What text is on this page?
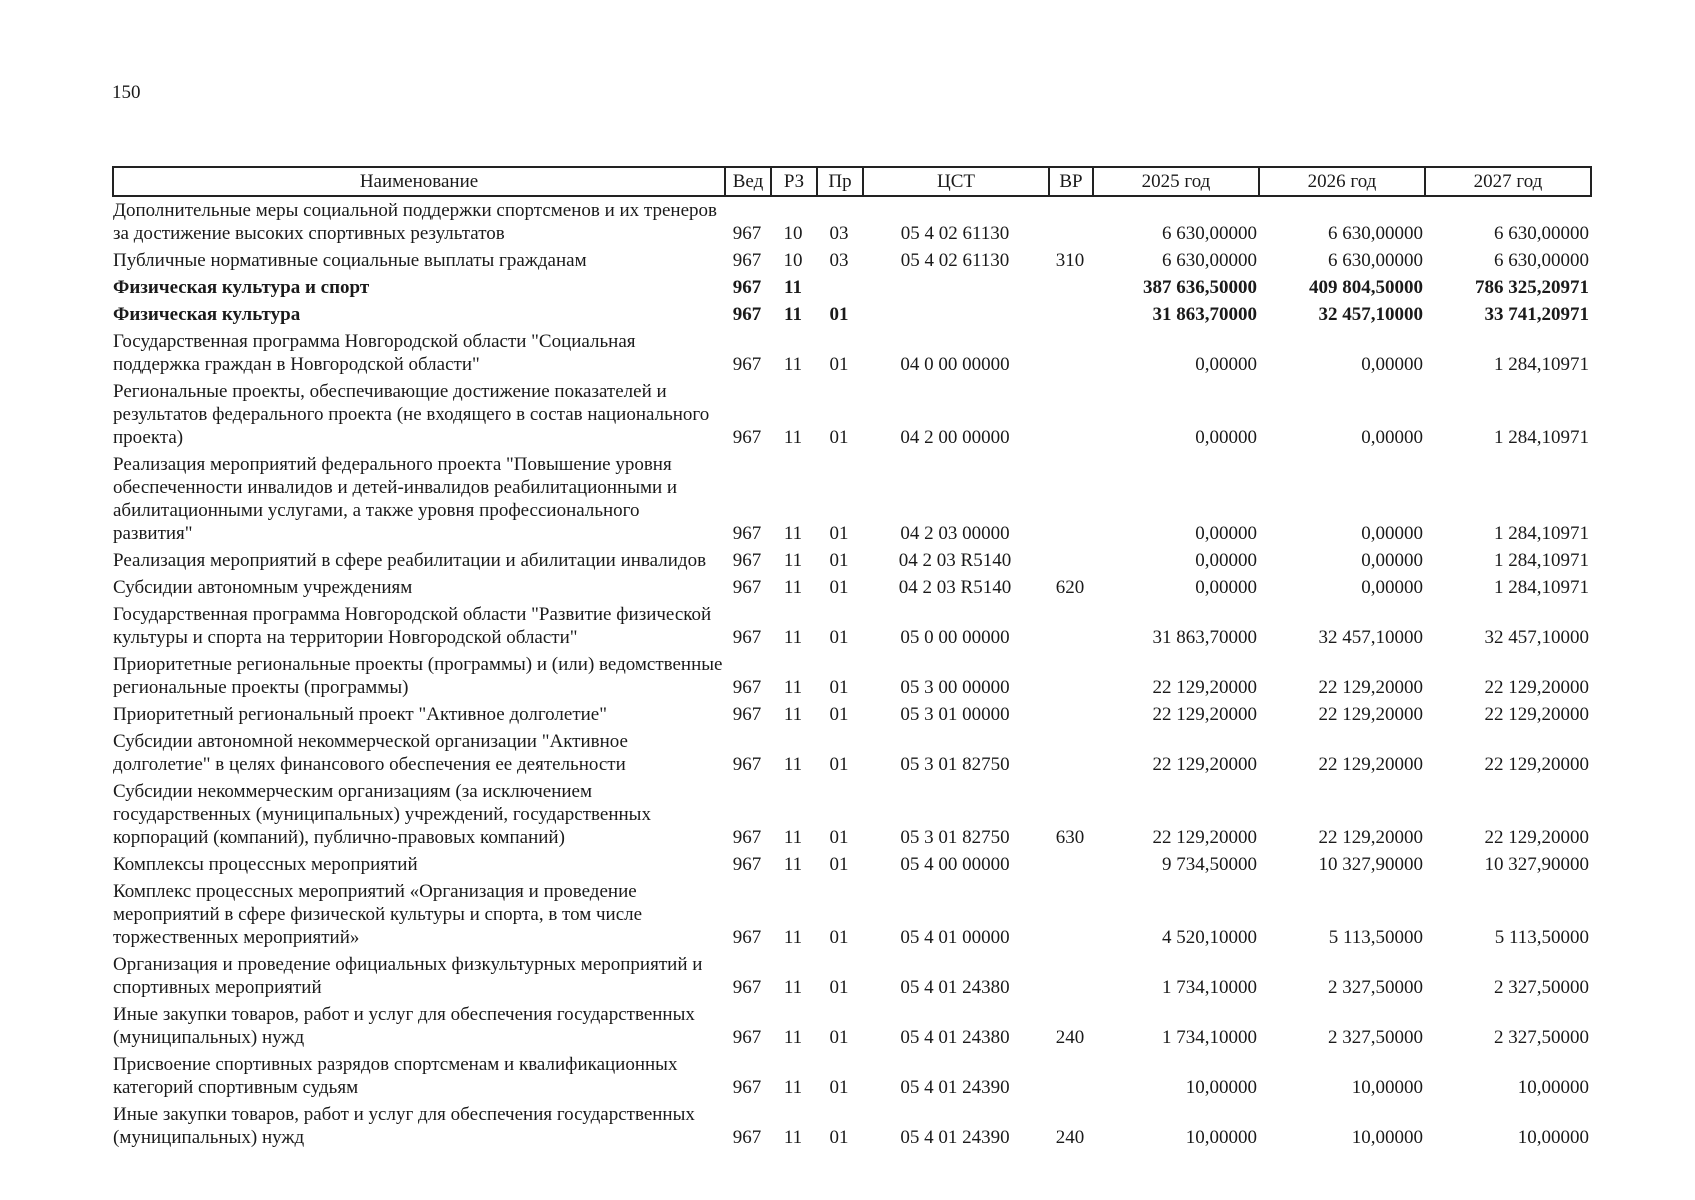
150
Наименование	Вед	РЗ	Пр	ЦСТ	ВР	2025 год	2026 год	2027 год
Дополнительные меры социальной поддержки спортсменов и их тренеров за достижение высоких спортивных результатов	967	10	03	05 4 02 61130		6 630,00000	6 630,00000	6 630,00000
Публичные нормативные социальные выплаты гражданам	967	10	03	05 4 02 61130	310	6 630,00000	6 630,00000	6 630,00000
Физическая культура и спорт	967	11				387 636,50000	409 804,50000	786 325,20971
Физическая культура	967	11	01			31 863,70000	32 457,10000	33 741,20971
Государственная программа Новгородской области "Социальная поддержка граждан в Новгородской области"	967	11	01	04 0 00 00000		0,00000	0,00000	1 284,10971
Региональные проекты, обеспечивающие достижение показателей и результатов федерального проекта (не входящего в состав национального проекта)	967	11	01	04 2 00 00000		0,00000	0,00000	1 284,10971
Реализация мероприятий федерального проекта "Повышение уровня обеспеченности инвалидов и детей-инвалидов реабилитационными и абилитационными услугами, а также уровня профессионального развития"	967	11	01	04 2 03 00000		0,00000	0,00000	1 284,10971
Реализация мероприятий в сфере реабилитации и абилитации инвалидов	967	11	01	04 2 03 R5140		0,00000	0,00000	1 284,10971
Субсидии автономным учреждениям	967	11	01	04 2 03 R5140	620	0,00000	0,00000	1 284,10971
Государственная программа Новгородской области "Развитие физической культуры и спорта на территории Новгородской области"	967	11	01	05 0 00 00000		31 863,70000	32 457,10000	32 457,10000
Приоритетные региональные проекты (программы) и (или) ведомственные региональные проекты (программы)	967	11	01	05 3 00 00000		22 129,20000	22 129,20000	22 129,20000
Приоритетный региональный проект "Активное долголетие"	967	11	01	05 3 01 00000		22 129,20000	22 129,20000	22 129,20000
Субсидии автономной некоммерческой организации "Активное долголетие" в целях финансового обеспечения ее деятельности	967	11	01	05 3 01 82750		22 129,20000	22 129,20000	22 129,20000
Субсидии некоммерческим организациям (за исключением государственных (муниципальных) учреждений, государственных корпораций (компаний), публично-правовых компаний)	967	11	01	05 3 01 82750	630	22 129,20000	22 129,20000	22 129,20000
Комплексы процессных мероприятий	967	11	01	05 4 00 00000		9 734,50000	10 327,90000	10 327,90000
Комплекс процессных мероприятий «Организация и проведение мероприятий в сфере физической культуры и спорта, в том числе торжественных мероприятий»	967	11	01	05 4 01 00000		4 520,10000	5 113,50000	5 113,50000
Организация и проведение официальных физкультурных мероприятий и спортивных мероприятий	967	11	01	05 4 01 24380		1 734,10000	2 327,50000	2 327,50000
Иные закупки товаров, работ и услуг для обеспечения государственных (муниципальных) нужд	967	11	01	05 4 01 24380	240	1 734,10000	2 327,50000	2 327,50000
Присвоение спортивных разрядов спортсменам и квалификационных категорий спортивным судьям	967	11	01	05 4 01 24390		10,00000	10,00000	10,00000
Иные закупки товаров, работ и услуг для обеспечения государственных (муниципальных) нужд	967	11	01	05 4 01 24390	240	10,00000	10,00000	10,00000
